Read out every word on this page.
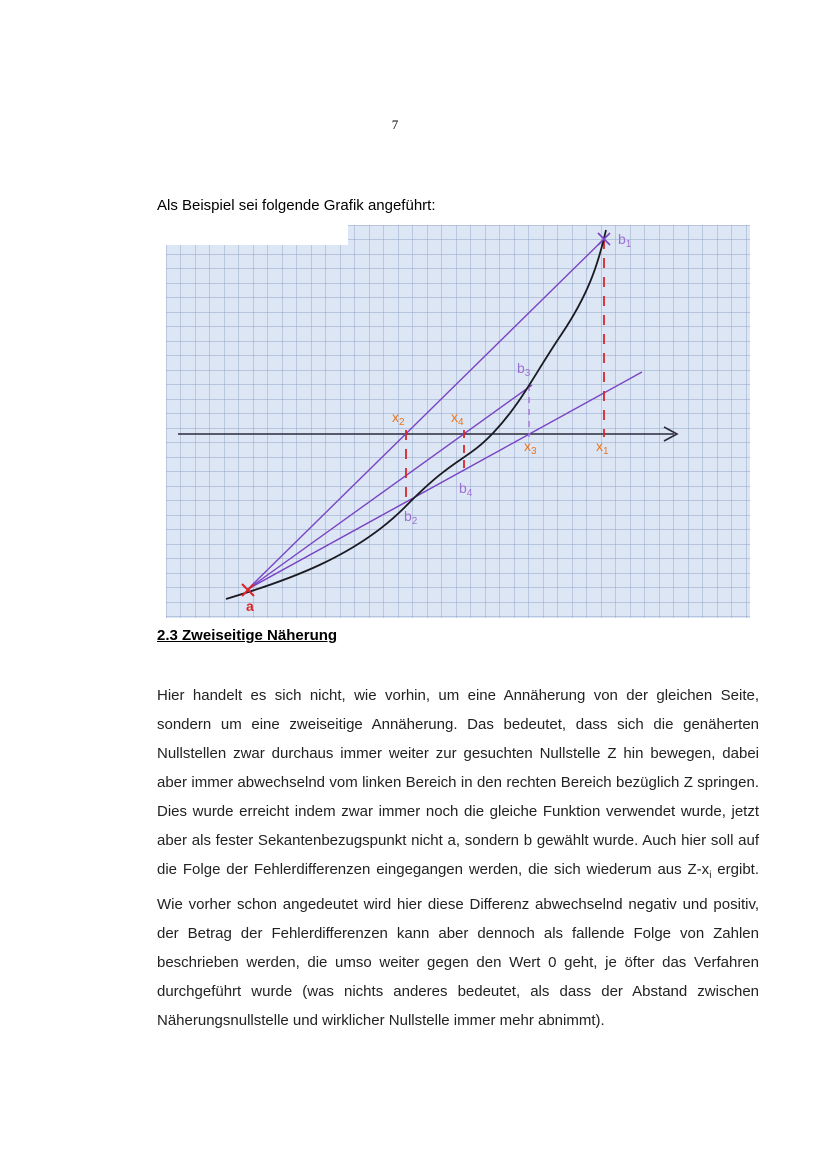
7
Als Beispiel sei folgende Grafik angeführt:
$b_1$
$b_3$
$b_2$
$b_4$
$x_2$	$x_4$
$x_3$	$x_1$
a
2.3 Zweiseitige Näherung

Hier handelt es sich nicht, wie vorhin, um eine Annäherung von der gleichen Seite, sondern um eine zweiseitige Annäherung. Das bedeutet, dass sich die genäherten Nullstellen zwar durchaus immer weiter zur gesuchten Nullstelle Z hin bewegen, dabei aber immer abwechselnd vom linken Bereich in den rechten Bereich bezüglich Z springen. Dies wurde erreicht indem zwar immer noch die gleiche Funktion verwendet wurde, jetzt aber als fester Sekantenbezugspunkt nicht a, sondern b gewählt wurde. Auch hier soll auf die Folge der Fehlerdifferenzen eingegangen werden, die sich wiederum aus $Z-x_i$ ergibt. Wie vorher schon angedeutet wird hier diese Differenz abwechselnd negativ und positiv, der Betrag der Fehlerdifferenzen kann aber dennoch als fallende Folge von Zahlen beschrieben werden, die umso weiter gegen den Wert 0 geht, je öfter das Verfahren durchgeführt wurde (was nichts anderes bedeutet, als dass der Abstand zwischen Näherungsnullstelle und wirklicher Nullstelle immer mehr abnimmt).
